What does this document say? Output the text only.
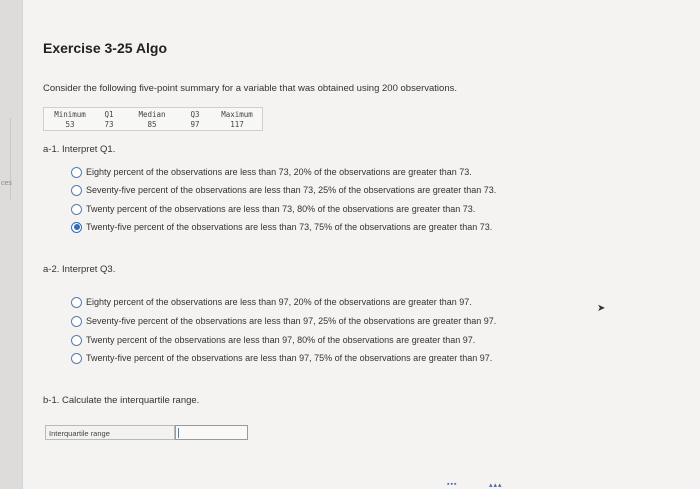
ces
Exercise 3-25 Algo
Consider the following five-point summary for a variable that was obtained using 200 observations.
Minimum
53
Q1
73
Median
85
Q3
97
Maximum
117
a-1. Interpret Q1.
Eighty percent of the observations are less than 73, 20% of the observations are greater than 73.
Seventy-five percent of the observations are less than 73, 25% of the observations are greater than 73.
Twenty percent of the observations are less than 73, 80% of the observations are greater than 73.
Twenty-five percent of the observations are less than 73, 75% of the observations are greater than 73.
a-2. Interpret Q3.
Eighty percent of the observations are less than 97, 20% of the observations are greater than 97.
Seventy-five percent of the observations are less than 97, 25% of the observations are greater than 97.
Twenty percent of the observations are less than 97, 80% of the observations are greater than 97.
Twenty-five percent of the observations are less than 97, 75% of the observations are greater than 97.
➤
b-1. Calculate the interquartile range.
Interquartile range
▪▪▪	▴▴▴
